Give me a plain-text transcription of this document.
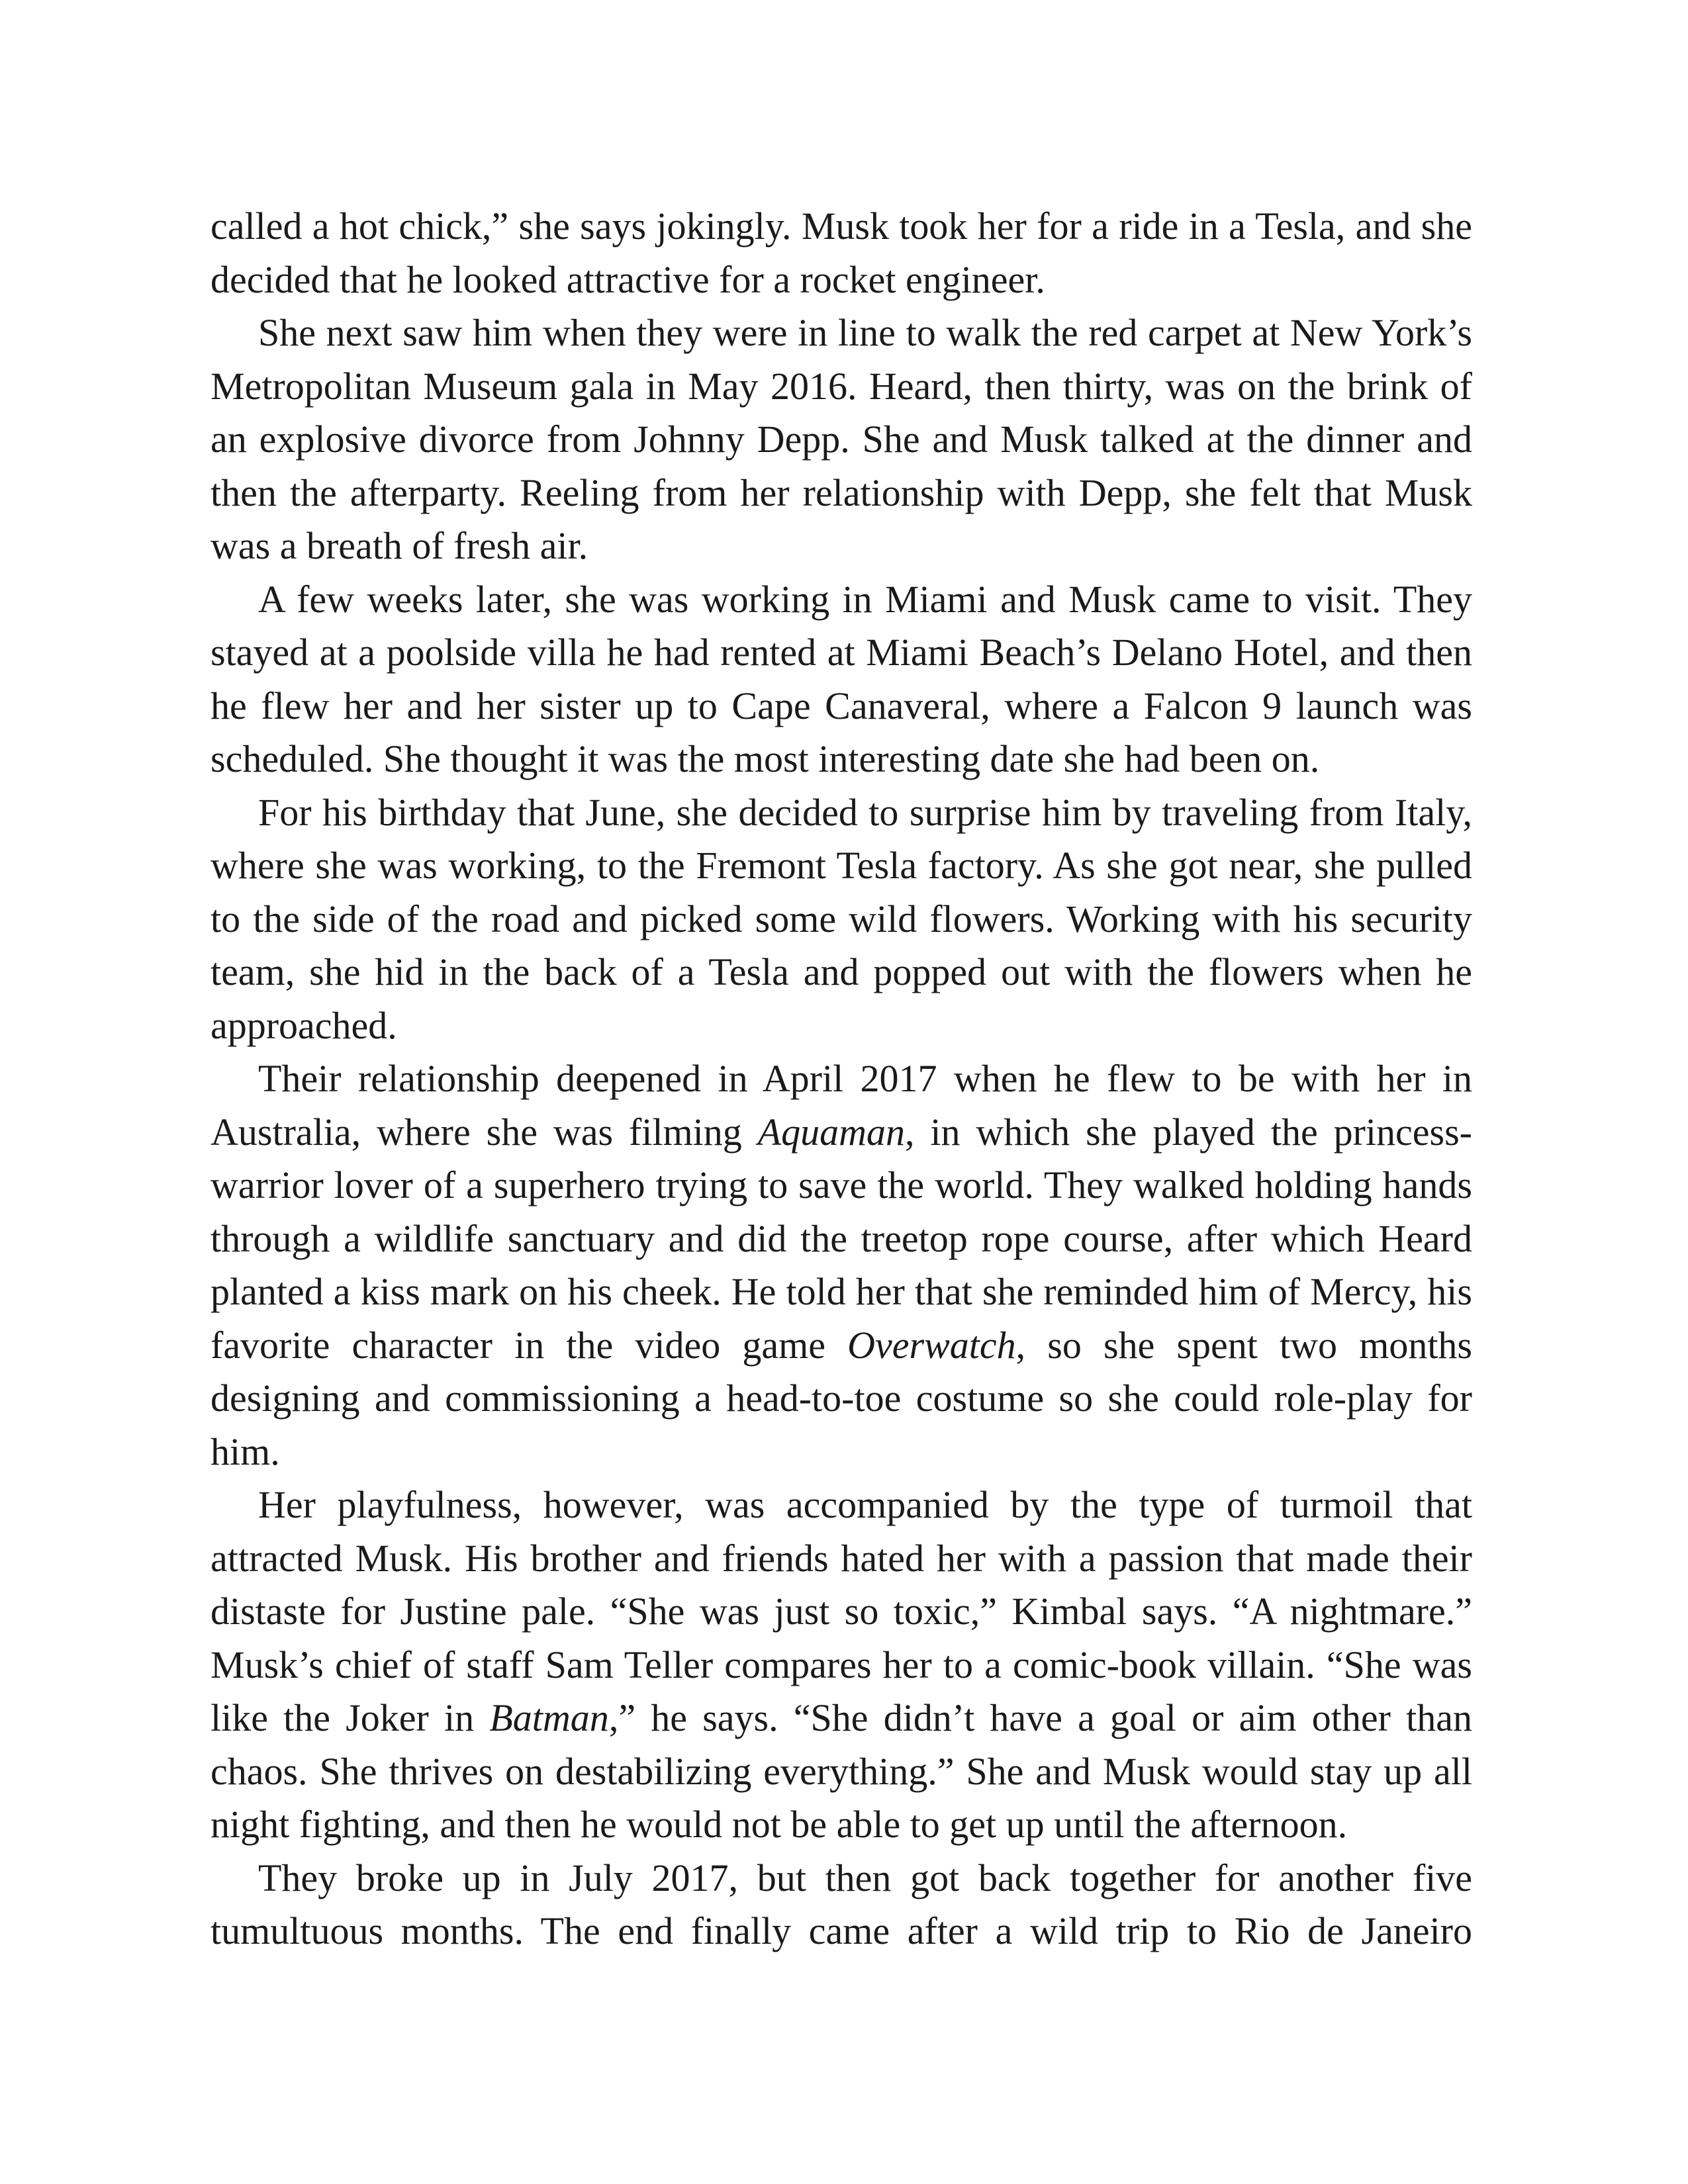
called a hot chick,” she says jokingly. Musk took her for a ride in a Tesla, and she decided that he looked attractive for a rocket engineer.

She next saw him when they were in line to walk the red carpet at New York’s Metropolitan Museum gala in May 2016. Heard, then thirty, was on the brink of an explosive divorce from Johnny Depp. She and Musk talked at the dinner and then the afterparty. Reeling from her relationship with Depp, she felt that Musk was a breath of fresh air.

A few weeks later, she was working in Miami and Musk came to visit. They stayed at a poolside villa he had rented at Miami Beach’s Delano Hotel, and then he flew her and her sister up to Cape Canaveral, where a Falcon 9 launch was scheduled. She thought it was the most interesting date she had been on.

For his birthday that June, she decided to surprise him by traveling from Italy, where she was working, to the Fremont Tesla factory. As she got near, she pulled to the side of the road and picked some wild flowers. Working with his security team, she hid in the back of a Tesla and popped out with the flowers when he approached.

Their relationship deepened in April 2017 when he flew to be with her in Australia, where she was filming Aquaman, in which she played the princess-warrior lover of a superhero trying to save the world. They walked holding hands through a wildlife sanctuary and did the treetop rope course, after which Heard planted a kiss mark on his cheek. He told her that she reminded him of Mercy, his favorite character in the video game Overwatch, so she spent two months designing and commissioning a head-to-toe costume so she could role-play for him.

Her playfulness, however, was accompanied by the type of turmoil that attracted Musk. His brother and friends hated her with a passion that made their distaste for Justine pale. “She was just so toxic,” Kimbal says. “A nightmare.” Musk’s chief of staff Sam Teller compares her to a comic-book villain. “She was like the Joker in Batman,” he says. “She didn’t have a goal or aim other than chaos. She thrives on destabilizing everything.” She and Musk would stay up all night fighting, and then he would not be able to get up until the afternoon.

They broke up in July 2017, but then got back together for another five tumultuous months. The end finally came after a wild trip to Rio de Janeiro
